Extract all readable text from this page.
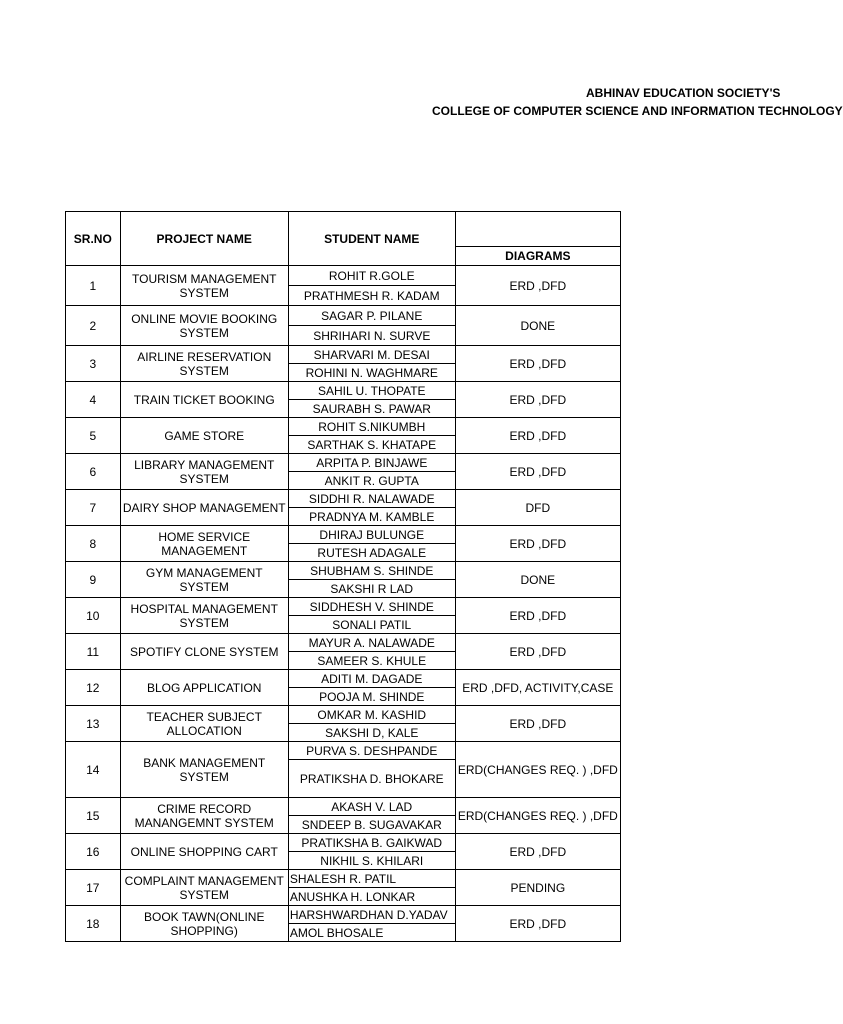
ABHINAV EDUCATION SOCIETY'S
COLLEGE OF COMPUTER SCIENCE AND INFORMATION TECHNOLOGY
SR.NO	PROJECT NAME	STUDENT NAME	
			DIAGRAMS
1	TOURISM MANAGEMENT SYSTEM	ROHIT R.GOLE	ERD ,DFD
		PRATHMESH R. KADAM	
2	ONLINE MOVIE BOOKING SYSTEM	SAGAR P. PILANE	DONE
		SHRIHARI N. SURVE	
3	AIRLINE RESERVATION SYSTEM	SHARVARI M. DESAI	ERD ,DFD
		ROHINI N. WAGHMARE	
4	TRAIN TICKET BOOKING	SAHIL U. THOPATE	ERD ,DFD
		SAURABH S. PAWAR	
5	GAME STORE	ROHIT S.NIKUMBH	ERD ,DFD
		SARTHAK S. KHATAPE	
6	LIBRARY MANAGEMENT SYSTEM	ARPITA P. BINJAWE	ERD ,DFD
		ANKIT R. GUPTA	
7	DAIRY SHOP MANAGEMENT	SIDDHI R. NALAWADE	DFD
		PRADNYA M. KAMBLE	
8	HOME SERVICE MANAGEMENT	DHIRAJ BULUNGE	ERD ,DFD
		RUTESH ADAGALE	
9	GYM MANAGEMENT SYSTEM	SHUBHAM S. SHINDE	DONE
		SAKSHI R LAD	
10	HOSPITAL MANAGEMENT SYSTEM	SIDDHESH V. SHINDE	ERD ,DFD
		SONALI PATIL	
11	SPOTIFY CLONE SYSTEM	MAYUR A. NALAWADE	ERD ,DFD
		SAMEER S. KHULE	
12	BLOG APPLICATION	ADITI M. DAGADE	ERD ,DFD, ACTIVITY,CASE
		POOJA M. SHINDE	
13	TEACHER SUBJECT ALLOCATION	OMKAR M. KASHID	ERD ,DFD
		SAKSHI D, KALE	
14	BANK MANAGEMENT SYSTEM	PURVA S. DESHPANDE	ERD(CHANGES REQ. ) ,DFD
		PRATIKSHA D. BHOKARE	
15	CRIME RECORD MANANGEMNT SYSTEM	AKASH V. LAD	ERD(CHANGES REQ. ) ,DFD
		SNDEEP B. SUGAVAKAR	
16	ONLINE SHOPPING CART	PRATIKSHA B. GAIKWAD	ERD ,DFD
		NIKHIL S. KHILARI	
17	COMPLAINT MANAGEMENT SYSTEM	SHALESH R. PATIL	PENDING
		ANUSHKA H. LONKAR	
18	BOOK TAWN(ONLINE SHOPPING)	HARSHWARDHAN D.YADAV	ERD ,DFD
		AMOL BHOSALE	
